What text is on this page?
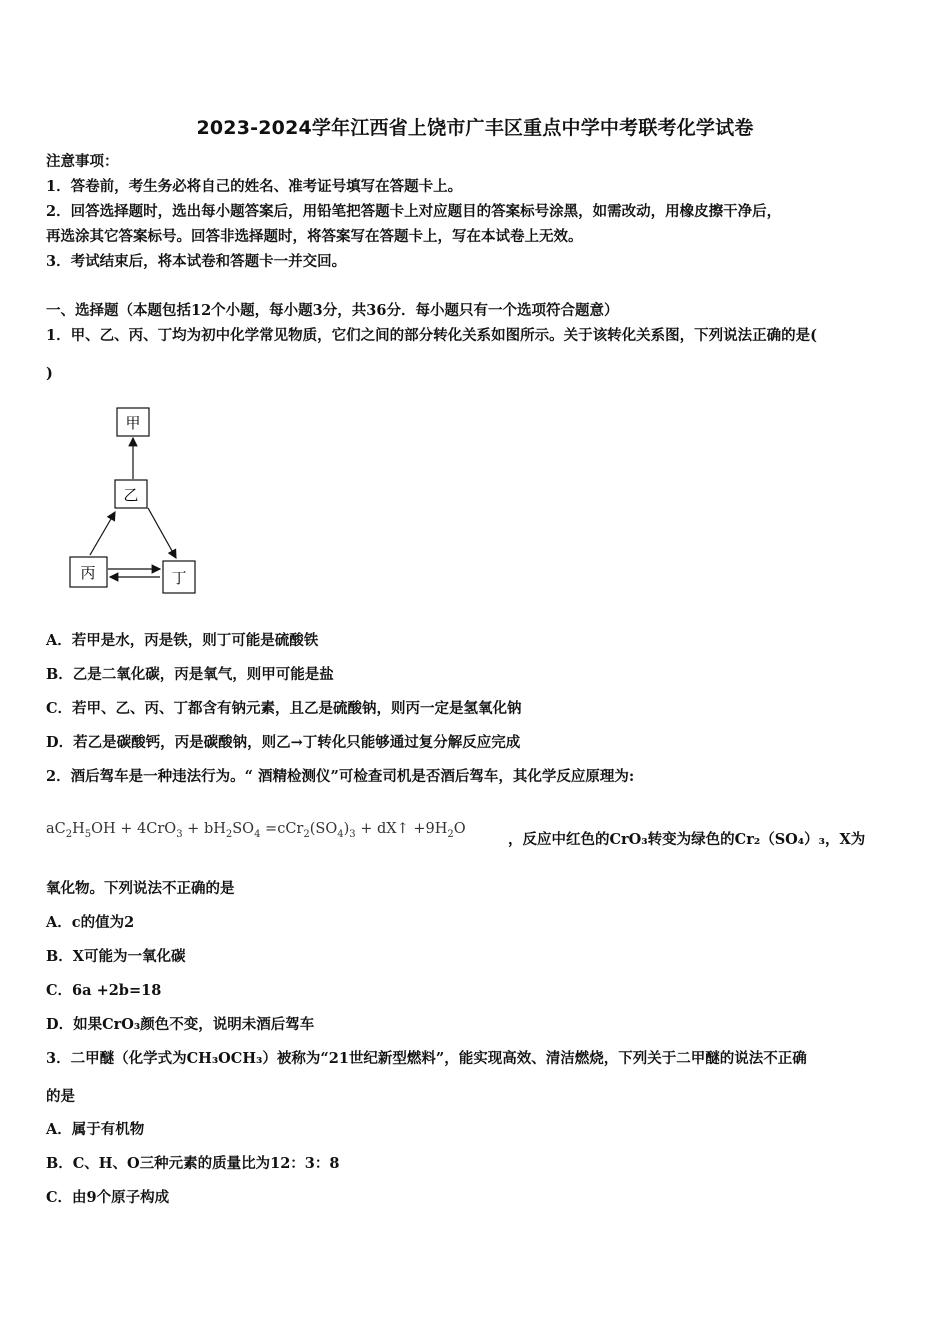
2023-2024学年江西省上饶市广丰区重点中学中考联考化学试卷
注意事项：
1．答卷前，考生务必将自己的姓名、准考证号填写在答题卡上。
2．回答选择题时，选出每小题答案后，用铅笔把答题卡上对应题目的答案标号涂黑，如需改动，用橡皮擦干净后，
再选涂其它答案标号。回答非选择题时，将答案写在答题卡上，写在本试卷上无效。
3．考试结束后，将本试卷和答题卡一并交回。
一、选择题（本题包括12个小题，每小题3分，共36分．每小题只有一个选项符合题意）
1．甲、乙、丙、丁均为初中化学常见物质，它们之间的部分转化关系如图所示。关于该转化关系图，下列说法正确的是(
)
甲
乙
丙	丁
A．若甲是水，丙是铁，则丁可能是硫酸铁
B．乙是二氧化碳，丙是氧气，则甲可能是盐
C．若甲、乙、丙、丁都含有钠元素，且乙是硫酸钠，则丙一定是氢氧化钠
D．若乙是碳酸钙，丙是碳酸钠，则乙→丁转化只能够通过复分解反应完成
2．酒后驾车是一种违法行为。“ 酒精检测仪”可检查司机是否酒后驾车，其化学反应原理为:
$aC_2H_5OH + 4CrO_3 + bH_2SO_4 =cCr_2(SO_4)_3$ + dX↑ $+9H_2O$
，反应中红色的CrO₃转变为绿色的Cr₂（SO₄）₃，X为
氧化物。下列说法不正确的是
A．c的值为2
B．X可能为一氧化碳
C．6a +2b=18
D．如果CrO₃颜色不变，说明未酒后驾车
3．二甲醚（化学式为CH₃OCH₃）被称为“21世纪新型燃料”，能实现高效、清洁燃烧，下列关于二甲醚的说法不正确
的是
A．属于有机物
B．C、H、O三种元素的质量比为12：3：8
C．由9个原子构成
